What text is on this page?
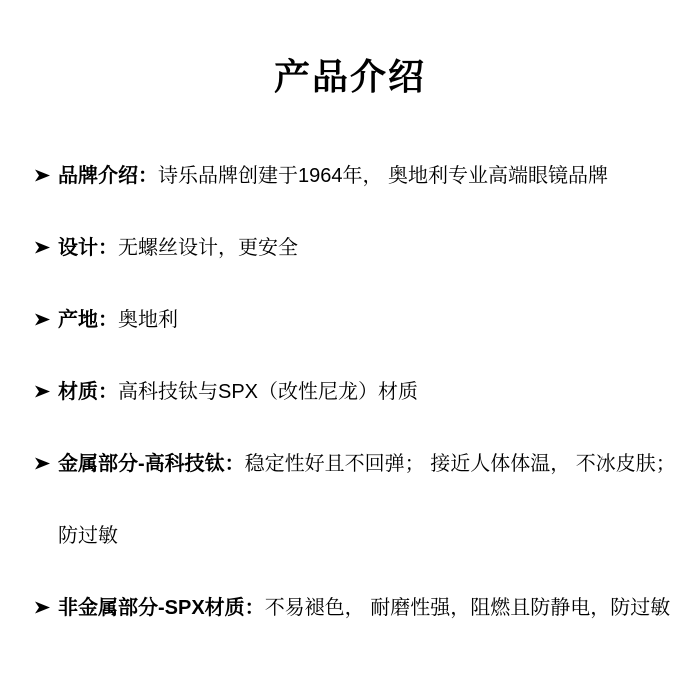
产品介绍
品牌介绍：诗乐品牌创建于1964年， 奥地利专业高端眼镜品牌
设计：无螺丝设计，更安全
产地：奥地利
材质：高科技钛与SPX（改性尼龙）材质
金属部分-高科技钛：稳定性好且不回弹； 接近人体体温， 不冰皮肤；
防过敏
非金属部分-SPX材质：不易褪色， 耐磨性强，阻燃且防静电，防过敏
